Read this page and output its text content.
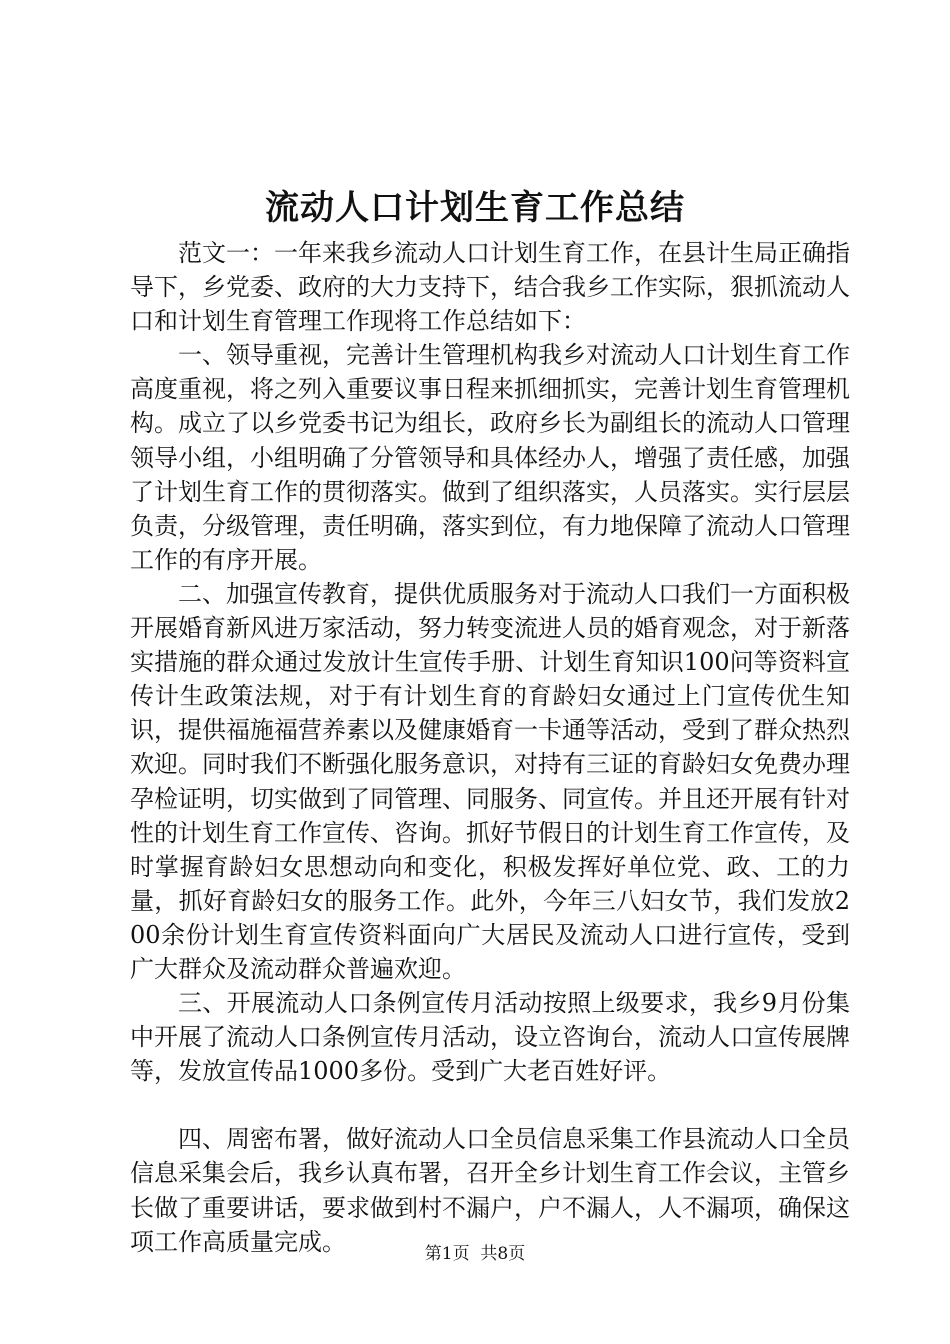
流动人口计划生育工作总结

范文一：一年来我乡流动人口计划生育工作，在县计生局正确指导下，乡党委、政府的大力支持下，结合我乡工作实际，狠抓流动人口和计划生育管理工作现将工作总结如下：

一、领导重视，完善计生管理机构我乡对流动人口计划生育工作高度重视，将之列入重要议事日程来抓细抓实，完善计划生育管理机构。成立了以乡党委书记为组长，政府乡长为副组长的流动人口管理领导小组，小组明确了分管领导和具体经办人，增强了责任感，加强了计划生育工作的贯彻落实。做到了组织落实，人员落实。实行层层负责，分级管理，责任明确，落实到位，有力地保障了流动人口管理工作的有序开展。

二、加强宣传教育，提供优质服务对于流动人口我们一方面积极开展婚育新风进万家活动，努力转变流进人员的婚育观念，对于新落实措施的群众通过发放计生宣传手册、计划生育知识100问等资料宣传计生政策法规，对于有计划生育的育龄妇女通过上门宣传优生知识，提供福施福营养素以及健康婚育一卡通等活动，受到了群众热烈欢迎。同时我们不断强化服务意识，对持有三证的育龄妇女免费办理孕检证明，切实做到了同管理、同服务、同宣传。并且还开展有针对性的计划生育工作宣传、咨询。抓好节假日的计划生育工作宣传，及时掌握育龄妇女思想动向和变化，积极发挥好单位党、政、工的力量，抓好育龄妇女的服务工作。此外，今年三八妇女节，我们发放200余份计划生育宣传资料面向广大居民及流动人口进行宣传，受到广大群众及流动群众普遍欢迎。

三、开展流动人口条例宣传月活动按照上级要求，我乡9月份集中开展了流动人口条例宣传月活动，设立咨询台，流动人口宣传展牌等，发放宣传品1000多份。受到广大老百姓好评。

四、周密布署，做好流动人口全员信息采集工作县流动人口全员信息采集会后，我乡认真布署，召开全乡计划生育工作会议，主管乡长做了重要讲话，要求做到村不漏户，户不漏人，人不漏项，确保这项工作高质量完成。	第1页 共8页
